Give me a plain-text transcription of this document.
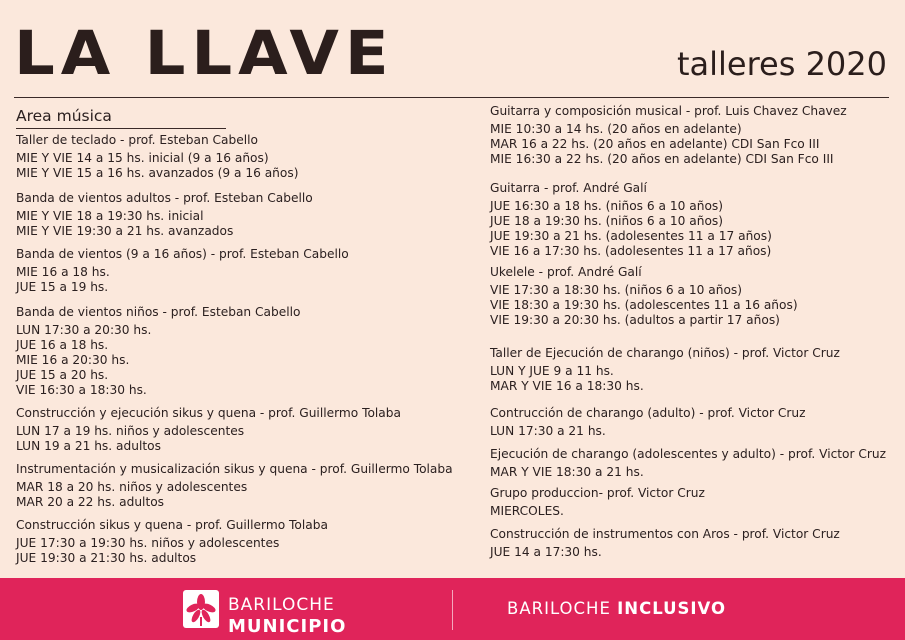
LA LLAVE	talleres 2020
Area música
Taller de teclado - prof. Esteban Cabello
MIE Y VIE 14 a 15 hs. inicial (9 a 16 años)
MIE Y VIE 15 a 16 hs. avanzados (9 a 16 años)
Banda de vientos adultos - prof. Esteban Cabello
MIE Y VIE 18 a 19:30 hs. inicial
MIE Y VIE 19:30 a 21 hs. avanzados
Banda de vientos (9 a 16 años) - prof. Esteban Cabello
MIE 16 a 18 hs.
JUE 15 a 19 hs.
Banda de vientos niños - prof. Esteban Cabello
LUN 17:30 a 20:30 hs.
JUE 16 a 18 hs.
MIE 16 a 20:30 hs.
JUE 15 a 20 hs.
VIE 16:30 a 18:30 hs.
Construcción y ejecución sikus y quena - prof. Guillermo Tolaba
LUN 17 a 19 hs. niños y adolescentes
LUN 19 a 21 hs. adultos
Instrumentación y musicalización sikus y quena - prof. Guillermo Tolaba
MAR 18 a 20 hs. niños y adolescentes
MAR 20 a 22 hs. adultos
Construcción sikus y quena - prof. Guillermo Tolaba
JUE 17:30 a 19:30 hs. niños y adolescentes
JUE 19:30 a 21:30 hs. adultos
Guitarra y composición musical - prof. Luis Chavez Chavez
MIE 10:30 a 14 hs. (20 años en adelante)
MAR 16 a 22 hs. (20 años en adelante) CDI San Fco III
MIE 16:30 a 22 hs. (20 años en adelante) CDI San Fco III
Guitarra - prof. André Galí
JUE 16:30 a 18 hs. (niños 6 a 10 años)
JUE 18 a 19:30 hs. (niños 6 a 10 años)
JUE 19:30 a 21 hs. (adolesentes 11 a 17 años)
VIE 16 a 17:30 hs. (adolesentes 11 a 17 años)
Ukelele - prof. André Galí
VIE 17:30 a 18:30 hs. (niños 6 a 10 años)
VIE 18:30 a 19:30 hs. (adolescentes 11 a 16 años)
VIE 19:30 a 20:30 hs. (adultos a partir 17 años)
Taller de Ejecución de charango (niños) - prof. Victor Cruz
LUN Y JUE 9 a 11 hs.
MAR Y VIE 16 a 18:30 hs.
Contrucción de charango (adulto) - prof. Victor Cruz
LUN 17:30 a 21 hs.
Ejecución de charango (adolescentes y adulto) - prof. Victor Cruz
MAR Y VIE 18:30 a 21 hs.
Grupo produccion- prof. Victor Cruz
MIERCOLES.
Construcción de instrumentos con Aros - prof. Victor Cruz
JUE 14 a 17:30 hs.
BARILOCHE
MUNICIPIO
BARILOCHE INCLUSIVO
